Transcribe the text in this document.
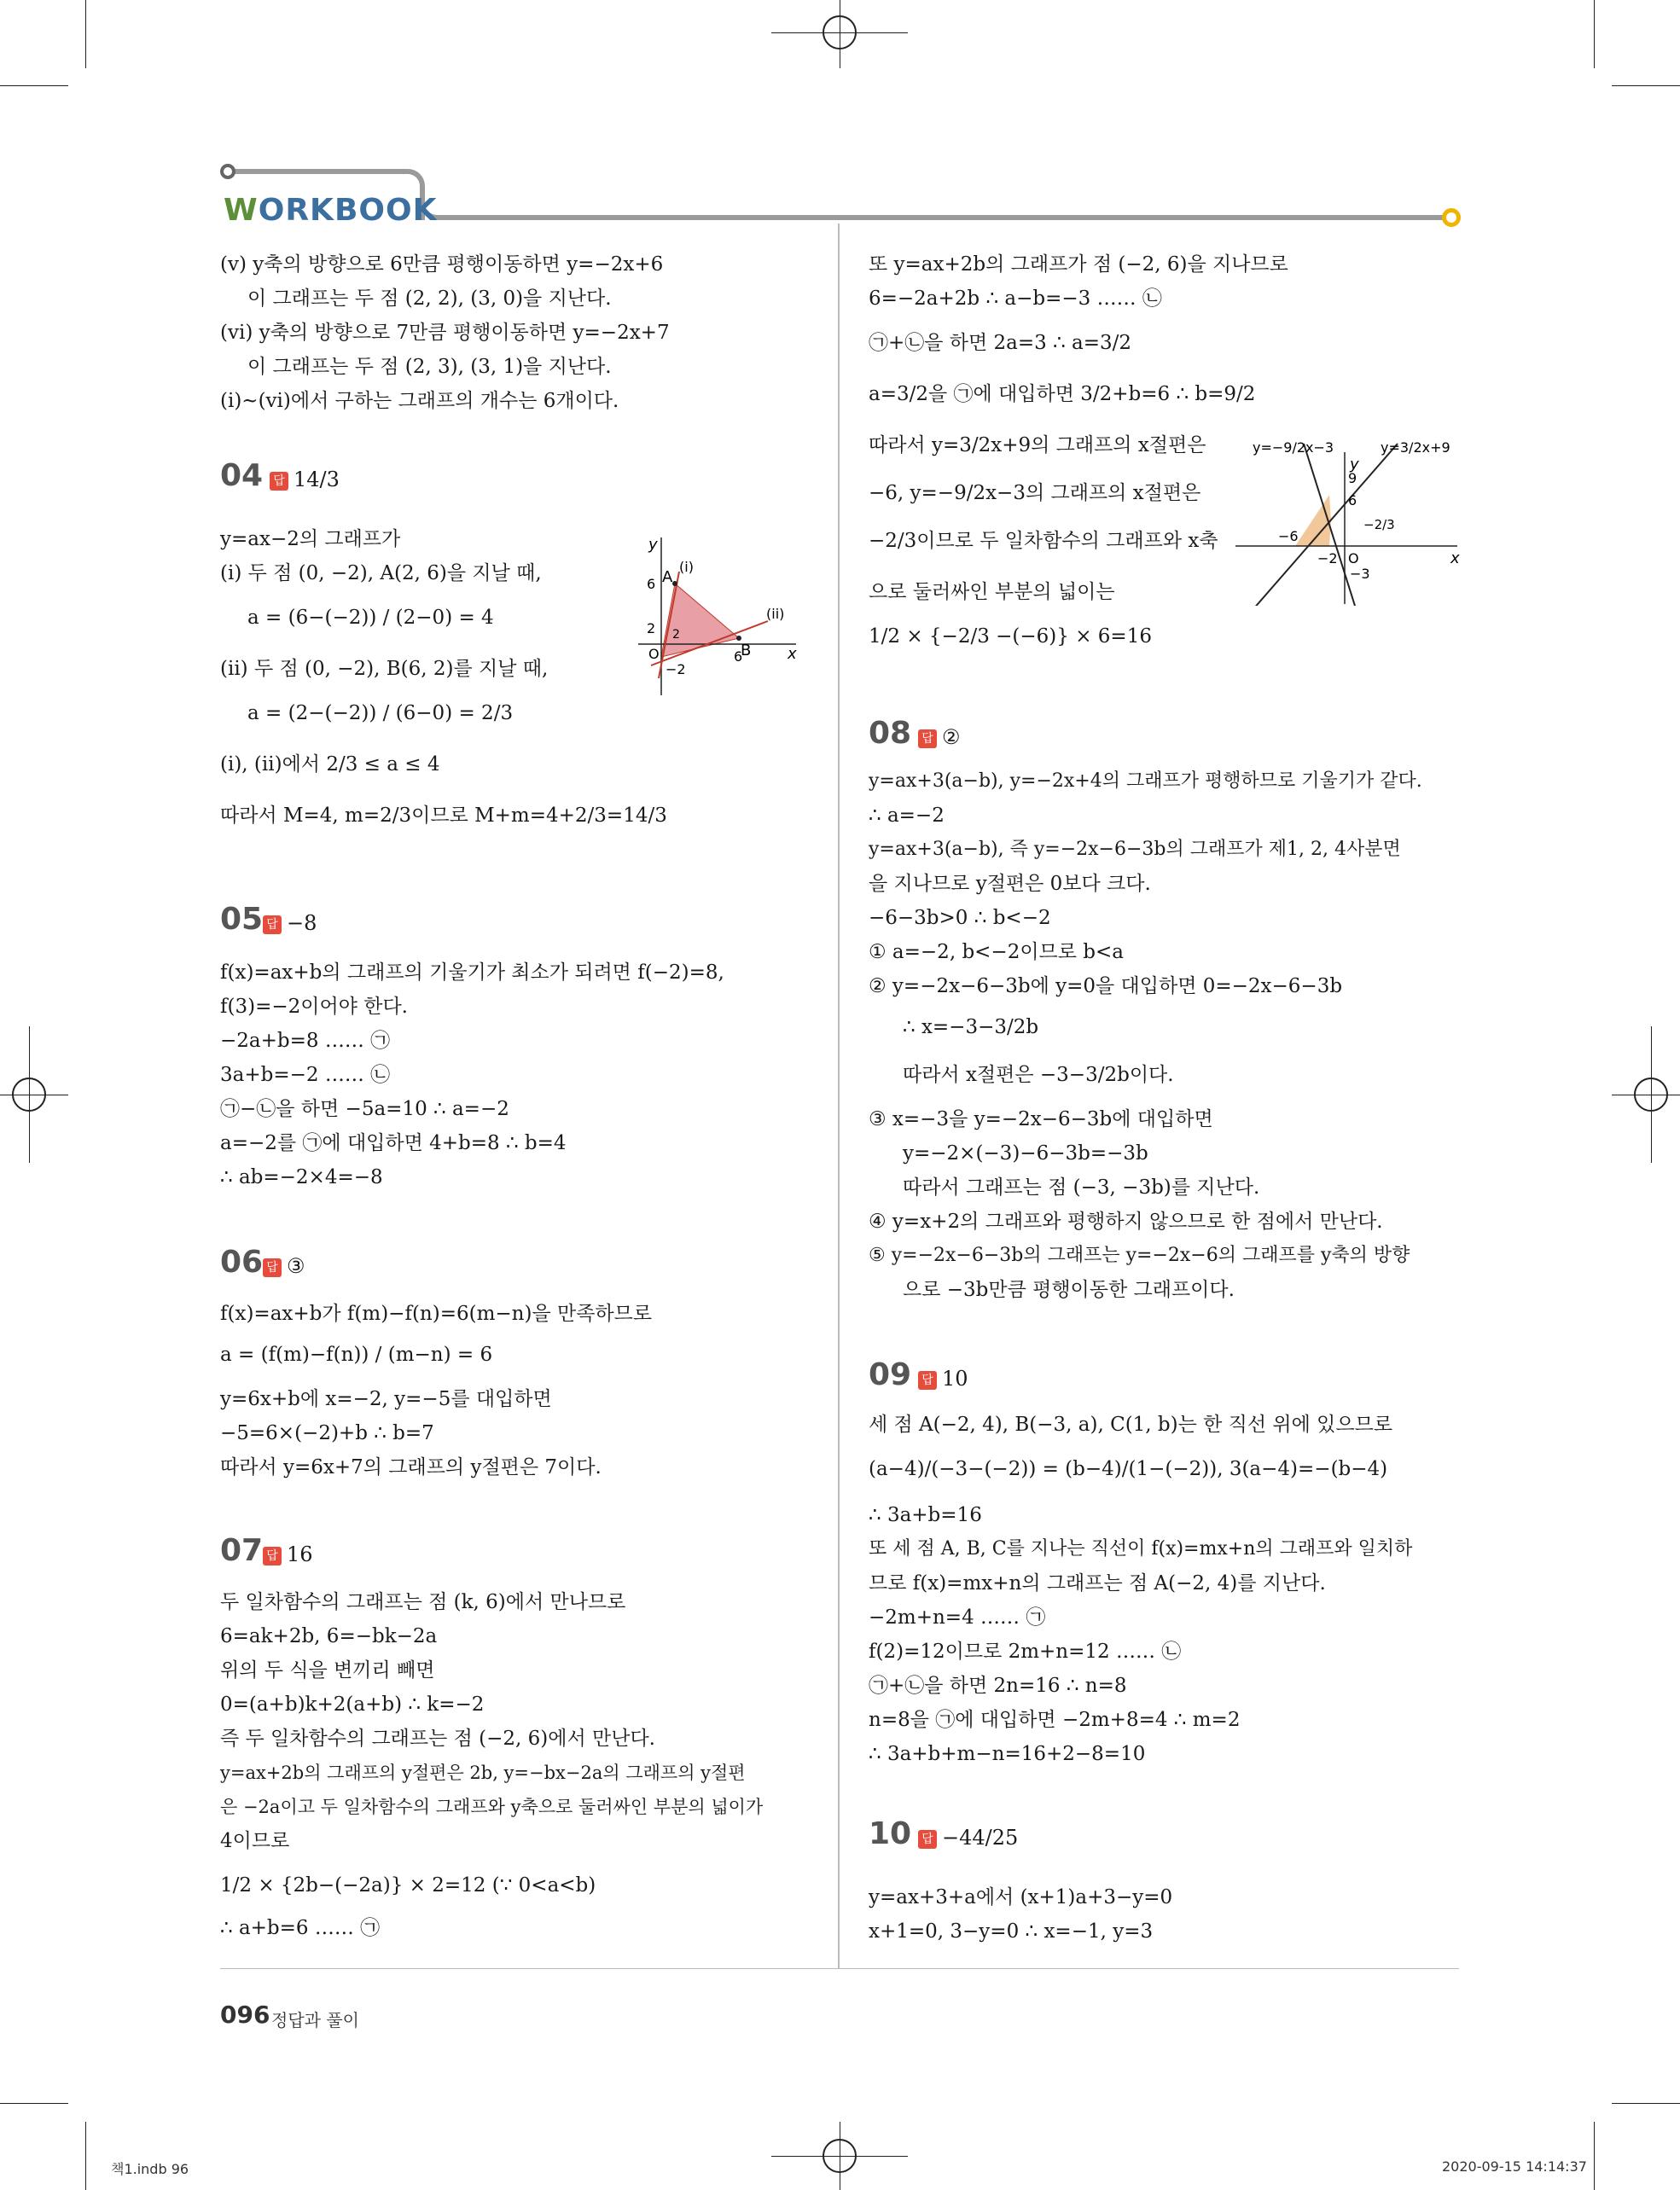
WORKBOOK
(v) y축의 방향으로 6만큼 평행이동하면 y=−2x+6
이 그래프는 두 점 (2, 2), (3, 0)을 지난다.
(vi) y축의 방향으로 7만큼 평행이동하면 y=−2x+7
이 그래프는 두 점 (2, 3), (3, 1)을 지난다.
(i)~(vi)에서 구하는 그래프의 개수는 6개이다.
04 답 14/3
y=ax−2의 그래프가
(i) 두 점 (0, −2), A(2, 6)을 지날 때,
a = (6−(−2)) / (2−0) = 4
(ii) 두 점 (0, −2), B(6, 2)를 지날 때,
a = (2−(−2)) / (6−0) = 2/3
(i), (ii)에서 2/3 ≤ a ≤ 4
따라서 M=4, m=2/3이므로 M+m=4+2/3=14/3
A
(i)
B
(ii)
6
2
−2
O	x
y
6
2
05 답 −8
f(x)=ax+b의 그래프의 기울기가 최소가 되려면 f(−2)=8,
f(3)=−2이어야 한다.
−2a+b=8 …… ㉠
3a+b=−2 …… ㉡
㉠−㉡을 하면 −5a=10 ∴ a=−2
a=−2를 ㉠에 대입하면 4+b=8 ∴ b=4
∴ ab=−2×4=−8
06 답 ③
f(x)=ax+b가 f(m)−f(n)=6(m−n)을 만족하므로
a = (f(m)−f(n)) / (m−n) = 6
y=6x+b에 x=−2, y=−5를 대입하면
−5=6×(−2)+b ∴ b=7
따라서 y=6x+7의 그래프의 y절편은 7이다.
07 답 16
두 일차함수의 그래프는 점 (k, 6)에서 만나므로
6=ak+2b, 6=−bk−2a
위의 두 식을 변끼리 빼면
0=(a+b)k+2(a+b) ∴ k=−2
즉 두 일차함수의 그래프는 점 (−2, 6)에서 만난다.
y=ax+2b의 그래프의 y절편은 2b, y=−bx−2a의 그래프의 y절편
은 −2a이고 두 일차함수의 그래프와 y축으로 둘러싸인 부분의 넓이가
4이므로
1/2 × {2b−(−2a)} × 2=12 (∵ 0<a<b)
∴ a+b=6 …… ㉠
또 y=ax+2b의 그래프가 점 (−2, 6)을 지나므로
6=−2a+2b ∴ a−b=−3 …… ㉡
㉠+㉡을 하면 2a=3 ∴ a=3/2
a=3/2을 ㉠에 대입하면 3/2+b=6 ∴ b=9/2
따라서 y=3/2x+9의 그래프의 x절편은
−6, y=−9/2x−3의 그래프의 x절편은
−2/3이므로 두 일차함수의 그래프와 x축
으로 둘러싸인 부분의 넓이는
1/2 × {−2/3 −(−6)} × 6=16
y=−9/2x−3	y=3/2x+9
9
6
−6
−2
−3
−2/3
O	x
y
08 답 ②
y=ax+3(a−b), y=−2x+4의 그래프가 평행하므로 기울기가 같다.
∴ a=−2
y=ax+3(a−b), 즉 y=−2x−6−3b의 그래프가 제1, 2, 4사분면
을 지나므로 y절편은 0보다 크다.
−6−3b>0 ∴ b<−2
① a=−2, b<−2이므로 b<a
② y=−2x−6−3b에 y=0을 대입하면 0=−2x−6−3b
∴ x=−3−3/2b
따라서 x절편은 −3−3/2b이다.
③ x=−3을 y=−2x−6−3b에 대입하면
y=−2×(−3)−6−3b=−3b
따라서 그래프는 점 (−3, −3b)를 지난다.
④ y=x+2의 그래프와 평행하지 않으므로 한 점에서 만난다.
⑤ y=−2x−6−3b의 그래프는 y=−2x−6의 그래프를 y축의 방향
으로 −3b만큼 평행이동한 그래프이다.
09 답 10
세 점 A(−2, 4), B(−3, a), C(1, b)는 한 직선 위에 있으므로
(a−4)/(−3−(−2)) = (b−4)/(1−(−2)), 3(a−4)=−(b−4)
∴ 3a+b=16
또 세 점 A, B, C를 지나는 직선이 f(x)=mx+n의 그래프와 일치하
므로 f(x)=mx+n의 그래프는 점 A(−2, 4)를 지난다.
−2m+n=4 …… ㉠
f(2)=12이므로 2m+n=12 …… ㉡
㉠+㉡을 하면 2n=16 ∴ n=8
n=8을 ㉠에 대입하면 −2m+8=4 ∴ m=2
∴ 3a+b+m−n=16+2−8=10
10 답 −44/25
y=ax+3+a에서 (x+1)a+3−y=0
x+1=0, 3−y=0 ∴ x=−1, y=3
096 정답과 풀이
책1.indb 96	2020-09-15 14:14:37
